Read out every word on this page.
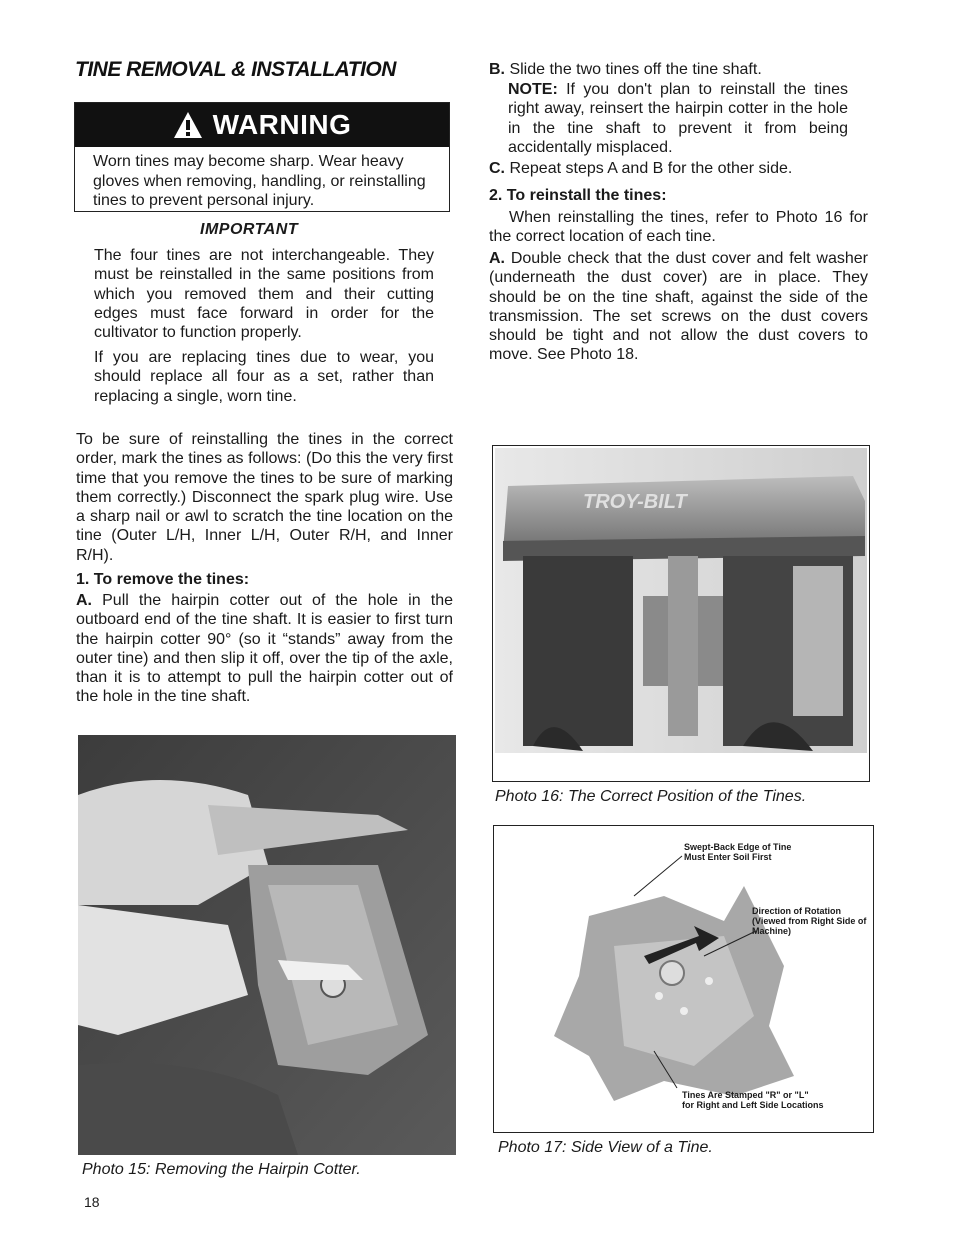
TINE REMOVAL & INSTALLATION
WARNING
Worn tines may become sharp. Wear heavy gloves when removing, handling, or reinstalling tines to prevent personal injury.
IMPORTANT
The four tines are not interchangeable. They must be reinstalled in the same positions from which you removed them and their cutting edges must face forward in order for the cultivator to function properly.
If you are replacing tines due to wear, you should replace all four as a set, rather than replacing a single, worn tine.
To be sure of reinstalling the tines in the correct order, mark the tines as follows: (Do this the very first time that you remove the tines to be sure of marking them correctly.) Disconnect the spark plug wire. Use a sharp nail or awl to scratch the tine location on the tine (Outer L/H, Inner L/H, Outer R/H, and Inner R/H).
1. To remove the tines:
A. Pull the hairpin cotter out of the hole in the outboard end of the tine shaft. It is easier to first turn the hairpin cotter 90° (so it “stands” away from the outer tine) and then slip it off, over the tip of the axle, than it is to attempt to pull the hairpin cotter out of the hole in the tine shaft.
B. Slide the two tines off the tine shaft.
NOTE: If you don't plan to reinstall the tines right away, reinsert the hairpin cotter in the hole in the tine shaft to prevent it from being accidentally misplaced.
C. Repeat steps A and B for the other side.
2. To reinstall the tines:
When reinstalling the tines, refer to Photo 16 for the correct location of each tine.
A. Double check that the dust cover and felt washer (underneath the dust cover) are in place. They should be on the tine shaft, against the side of the transmission. The set screws on the dust covers should be tight and not allow the dust covers to move. See Photo 18.
TROY-BILT
Photo 16: The Correct Position of the Tines.
Swept-Back Edge of Tine
Must Enter Soil First
Direction of Rotation
(Viewed from Right Side of
Machine)
Tines Are Stamped "R" or "L"
for Right and Left Side Locations
Photo 17: Side View of a Tine.
Photo 15: Removing the Hairpin Cotter.
18
